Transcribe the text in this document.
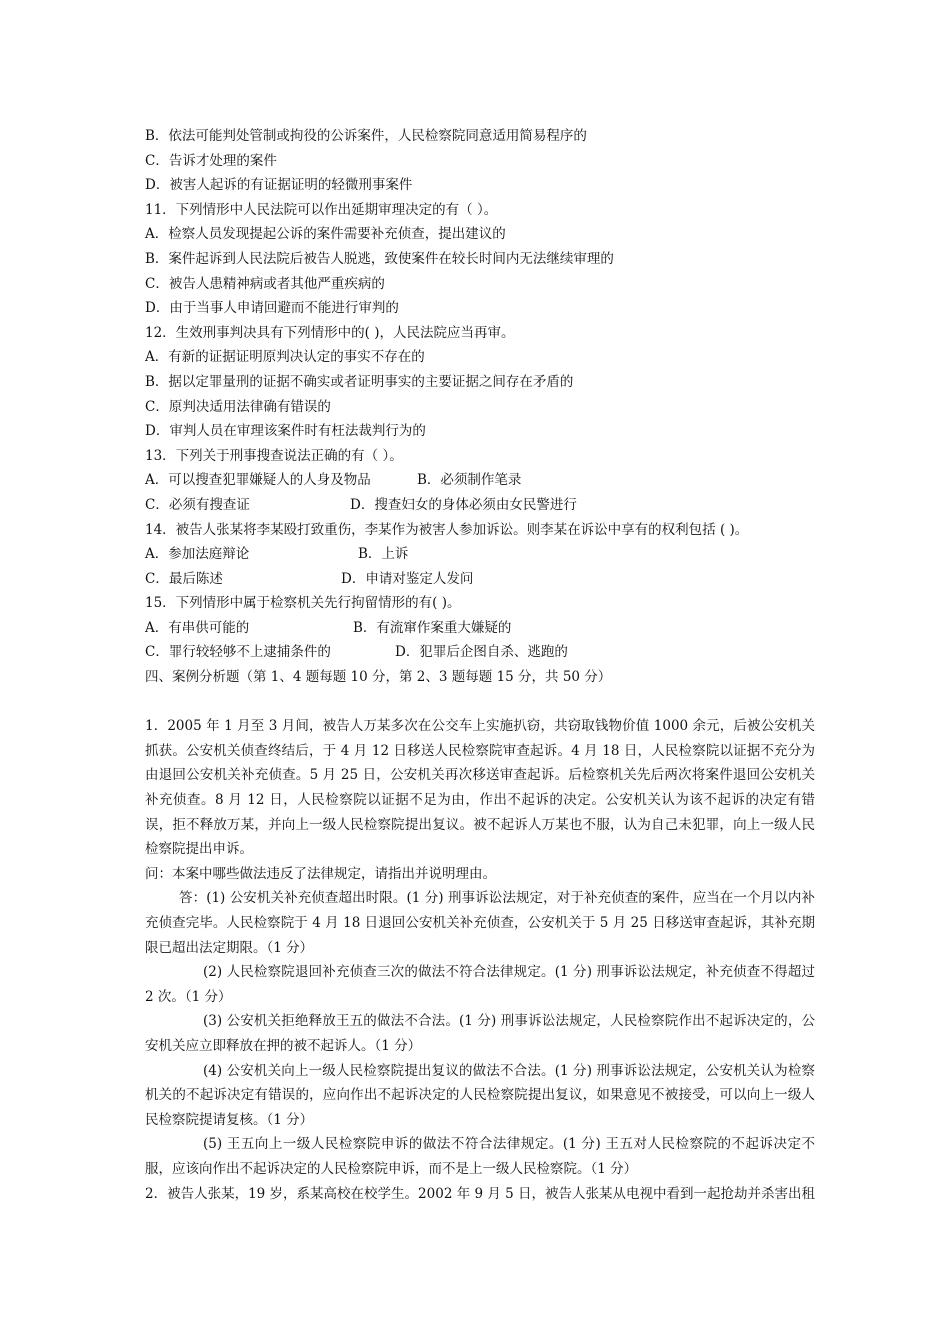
B．依法可能判处管制或拘役的公诉案件，人民检察院同意适用简易程序的
C．告诉才处理的案件
D．被害人起诉的有证据证明的轻微刑事案件
11．下列情形中人民法院可以作出延期审理决定的有（ ）。
A．检察人员发现提起公诉的案件需要补充侦查，提出建议的
B．案件起诉到人民法院后被告人脱逃，致使案件在较长时间内无法继续审理的
C．被告人患精神病或者其他严重疾病的
D．由于当事人申请回避而不能进行审判的
12．生效刑事判决具有下列情形中的( )，人民法院应当再审。
A．有新的证据证明原判决认定的事实不存在的
B．据以定罪量刑的证据不确实或者证明事实的主要证据之间存在矛盾的
C．原判决适用法律确有错误的
D．审判人员在审理该案件时有枉法裁判行为的
13．下列关于刑事搜查说法正确的有（ ）。
A．可以搜查犯罪嫌疑人的人身及物品	B．必须制作笔录
C．必须有搜查证	D．搜查妇女的身体必须由女民警进行
14．被告人张某将李某殴打致重伤，李某作为被害人参加诉讼。则李某在诉讼中享有的权利包括 ( )。
A．参加法庭辩论	B．上诉
C．最后陈述	D．申请对鉴定人发问
15．下列情形中属于检察机关先行拘留情形的有( )。
A．有串供可能的	B．有流窜作案重大嫌疑的
C．罪行较轻够不上逮捕条件的	D．犯罪后企图自杀、逃跑的
四、案例分析题（第 1、4 题每题 10 分，第 2、3 题每题 15 分，共 50 分）

1．2005 年 1 月至 3 月间，被告人万某多次在公交车上实施扒窃，共窃取钱物价值 1000 余元，后被公安机关抓获。公安机关侦查终结后，于 4 月 12 日移送人民检察院审查起诉。4 月 18 日，人民检察院以证据不充分为由退回公安机关补充侦查。5 月 25 日，公安机关再次移送审查起诉。后检察机关先后两次将案件退回公安机关补充侦查。8 月 12 日，人民检察院以证据不足为由，作出不起诉的决定。公安机关认为该不起诉的决定有错误，拒不释放万某，并向上一级人民检察院提出复议。被不起诉人万某也不服，认为自己未犯罪，向上一级人民检察院提出申诉。

问：本案中哪些做法违反了法律规定，请指出并说明理由。

答：(1) 公安机关补充侦查超出时限。(1 分) 刑事诉讼法规定，对于补充侦查的案件，应当在一个月以内补充侦查完毕。人民检察院于 4 月 18 日退回公安机关补充侦查，公安机关于 5 月 25 日移送审查起诉，其补充期限已超出法定期限。（1 分）

(2) 人民检察院退回补充侦查三次的做法不符合法律规定。(1 分) 刑事诉讼法规定，补充侦查不得超过 2 次。（1 分）

(3) 公安机关拒绝释放王五的做法不合法。(1 分) 刑事诉讼法规定，人民检察院作出不起诉决定的，公安机关应立即释放在押的被不起诉人。（1 分）

(4) 公安机关向上一级人民检察院提出复议的做法不合法。(1 分) 刑事诉讼法规定，公安机关认为检察机关的不起诉决定有错误的，应向作出不起诉决定的人民检察院提出复议，如果意见不被接受，可以向上一级人民检察院提请复核。（1 分）

(5) 王五向上一级人民检察院申诉的做法不符合法律规定。(1 分) 王五对人民检察院的不起诉决定不服，应该向作出不起诉决定的人民检察院申诉，而不是上一级人民检察院。（1 分）

2．被告人张某，19 岁，系某高校在校学生。2002 年 9 月 5 日，被告人张某从电视中看到一起抢劫并杀害出租
